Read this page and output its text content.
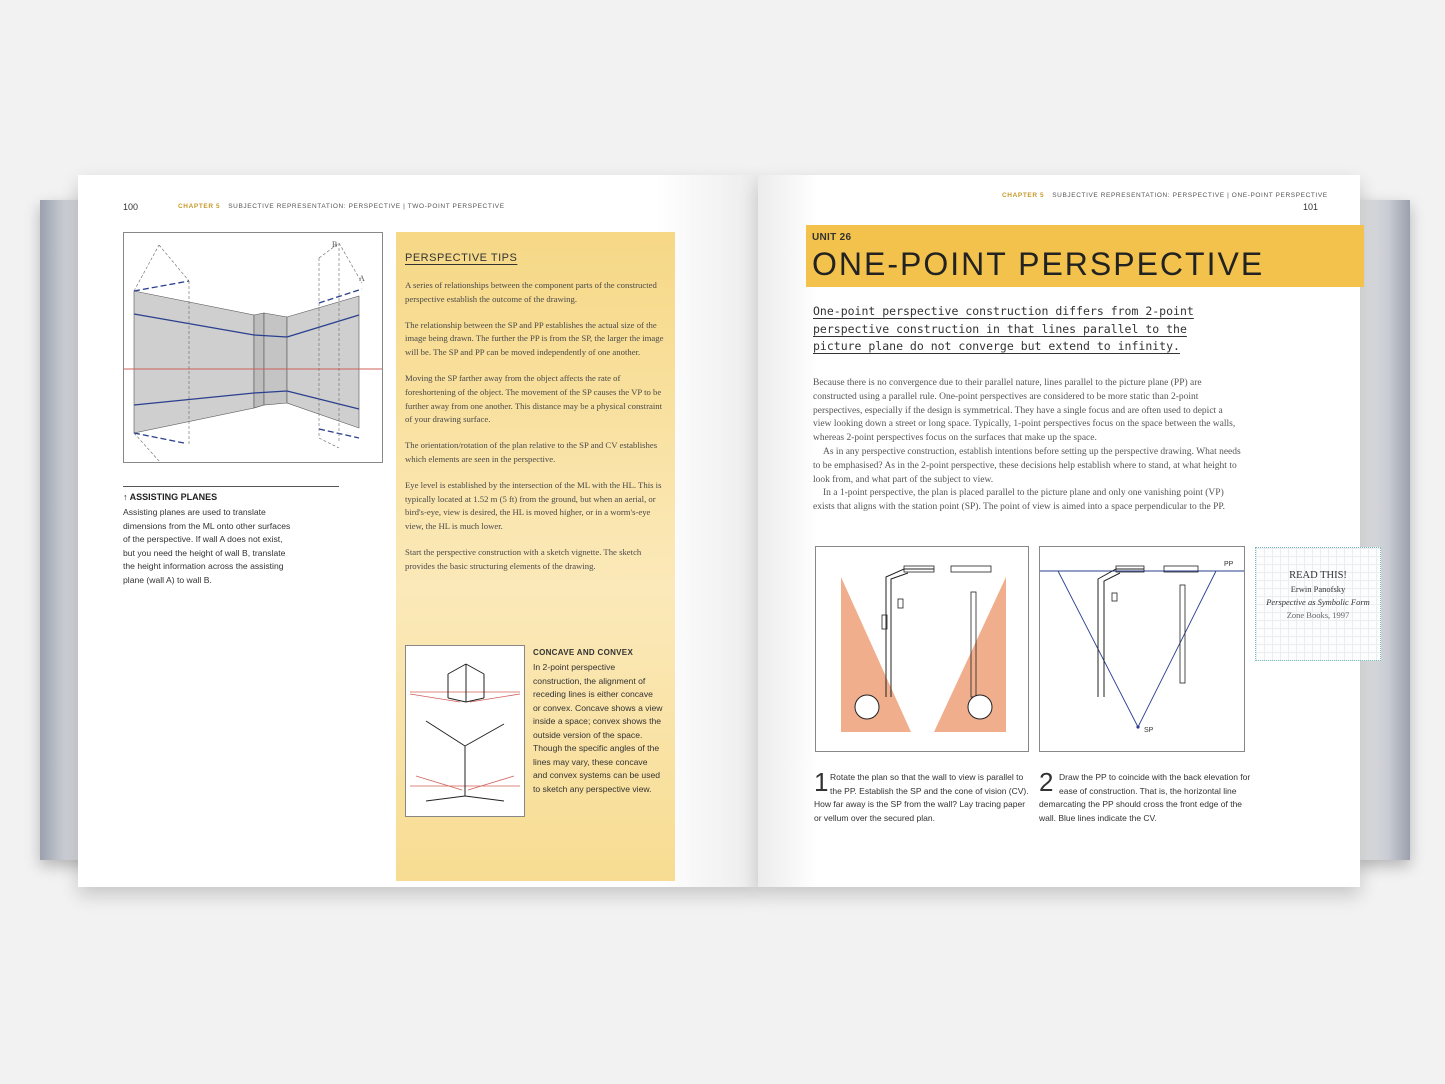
100	CHAPTER 5 SUBJECTIVE REPRESENTATION: PERSPECTIVE | TWO-POINT PERSPECTIVE
B
A
↑ ASSISTING PLANES
Assisting planes are used to translate
dimensions from the ML onto other surfaces
of the perspective. If wall A does not exist,
but you need the height of wall B, translate
the height information across the assisting
plane (wall A) to wall B.
PERSPECTIVE TIPS

A series of relationships between the component parts of the constructed perspective establish the outcome of the drawing.

The relationship between the SP and PP establishes the actual size of the image being drawn. The further the PP is from the SP, the larger the image will be. The SP and PP can be moved independently of one another.

Moving the SP farther away from the object affects the rate of foreshortening of the object. The movement of the SP causes the VP to be further away from one another. This distance may be a physical constraint of your drawing surface.

The orientation/rotation of the plan relative to the SP and CV establishes which elements are seen in the perspective.

Eye level is established by the intersection of the ML with the HL. This is typically located at 1.52 m (5 ft) from the ground, but when an aerial, or bird's-eye, view is desired, the HL is moved higher, or in a worm's-eye view, the HL is much lower.

Start the perspective construction with a sketch vignette. The sketch provides the basic structuring elements of the drawing.

CONCAVE AND CONVEX
In 2-point perspective
construction, the alignment of
receding lines is either concave
or convex. Concave shows a view
inside a space; convex shows the
outside version of the space.
Though the specific angles of the
lines may vary, these concave
and convex systems can be used
to sketch any perspective view.
CHAPTER 5 SUBJECTIVE REPRESENTATION: PERSPECTIVE | ONE-POINT PERSPECTIVE
101
UNIT 26
ONE-POINT PERSPECTIVE
One-point perspective construction differs from 2-point
perspective construction in that lines parallel to the
picture plane do not converge but extend to infinity.

Because there is no convergence due to their parallel nature, lines parallel to the picture plane (PP) are constructed using a parallel rule. One-point perspectives are considered to be more static than 2-point perspectives, especially if the design is symmetrical. They have a single focus and are often used to depict a view looking down a street or long space. Typically, 1-point perspectives focus on the space between the walls, whereas 2-point perspectives focus on the surfaces that make up the space.

As in any perspective construction, establish intentions before setting up the perspective drawing. What needs to be emphasised? As in the 2-point perspective, these decisions help establish where to stand, at what height to look from, and what part of the subject to view.

In a 1-point perspective, the plan is placed parallel to the picture plane and only one vanishing point (VP) exists that aligns with the station point (SP). The point of view is aimed into a space perpendicular to the PP.

PP
SP
READ THIS!
Erwin Panofsky
Perspective as Symbolic Form
Zone Books, 1997
1 Rotate the plan so that the wall to view is parallel to
the PP. Establish the SP and the cone of vision (CV).
How far away is the SP from the wall? Lay tracing paper
or vellum over the secured plan.
2 Draw the PP to coincide with the back elevation for
ease of construction. That is, the horizontal line
demarcating the PP should cross the front edge of the
wall. Blue lines indicate the CV.
